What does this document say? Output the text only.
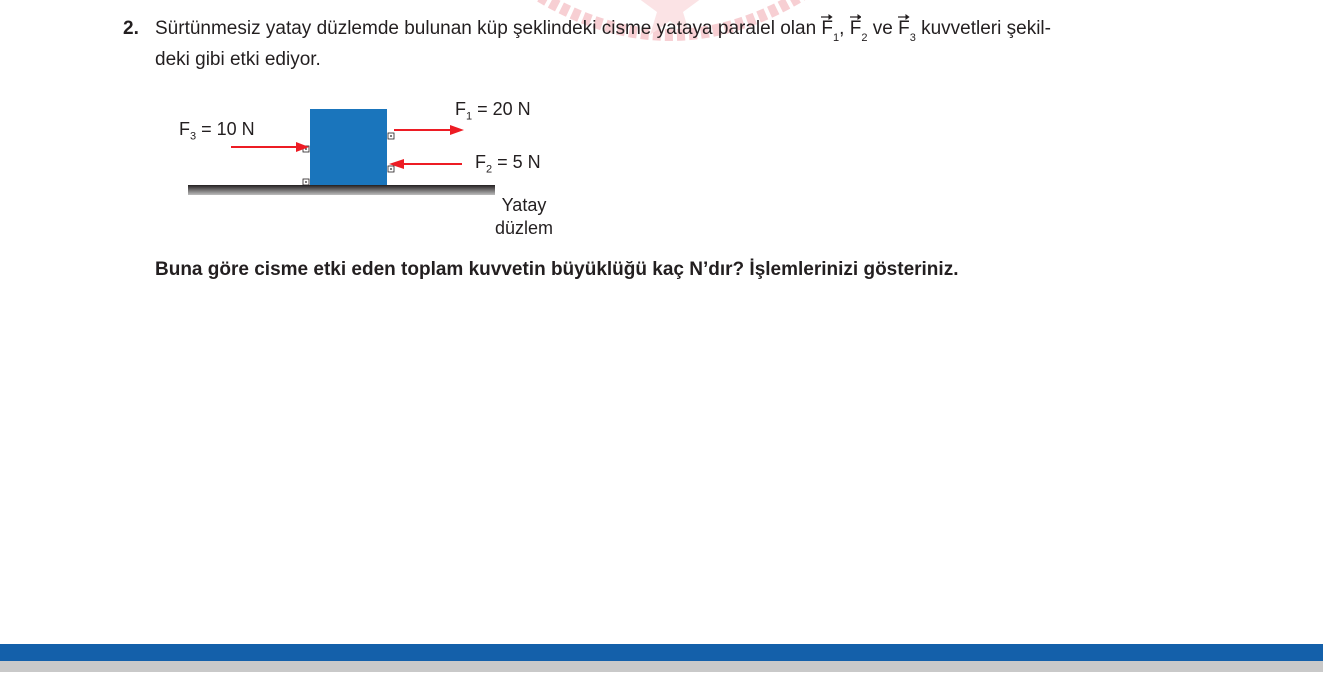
2. Sürtünmesiz yatay düzlemde bulunan küp şeklindeki cisme yataya paralel olan $F_1$, $F_2$ ve $F_3$ kuvvetleri şekil-
deki gibi etki ediyor.
$F_3 = 10$ N
$F_1 = 20$ N
$F_2 = 5$ N
Yatay
düzlem
Buna göre cisme etki eden toplam kuvvetin büyüklüğü kaç N’dır? İşlemlerinizi gösteriniz.
